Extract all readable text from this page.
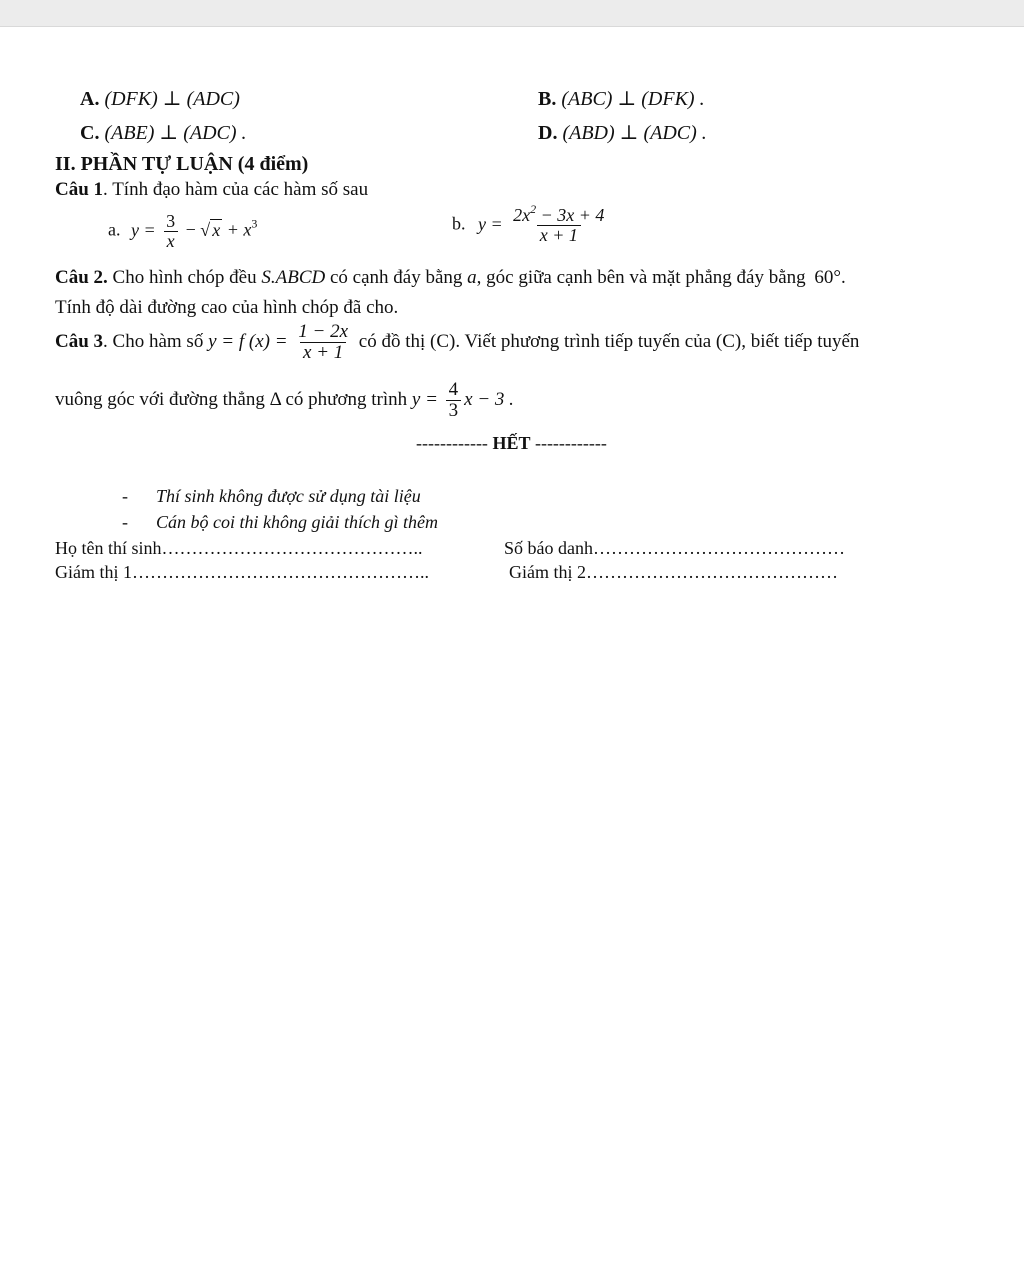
A. (DFK) ⊥ (ADC)	B. (ABC) ⊥ (DFK) .
C. (ABE) ⊥ (ADC) .	D. (ABD) ⊥ (ADC) .
II. PHẦN TỰ LUẬN (4 điểm)
Câu 1. Tính đạo hàm của các hàm số sau
a. $y = \frac{3}{x}$ − √ $x + x^3$	b. $y = \frac{2x^2 - 3x + 4}{x + 1}$
Câu 2. Cho hình chóp đều S.ABCD có cạnh đáy bằng a, góc giữa cạnh bên và mặt phẳng đáy bằng 60°.
Tính độ dài đường cao của hình chóp đã cho.
Câu 3. Cho hàm số y = f $(x) = \frac{1 - 2x}{x + 1}$ có đồ thị (C). Viết phương trình tiếp tuyến của (C), biết tiếp tuyến
vuông góc với đường thẳng Δ có phương trình $y = \frac{4}{3}$ x − 3 .
------------ HẾT ------------
- Thí sinh không được sử dụng tài liệu
- Cán bộ coi thi không giải thích gì thêm
Họ tên thí sinh……………………………………..	Số báo danh……………………………………
Giám thị 1…………………………………………..	Giám thị 2……………………………………
